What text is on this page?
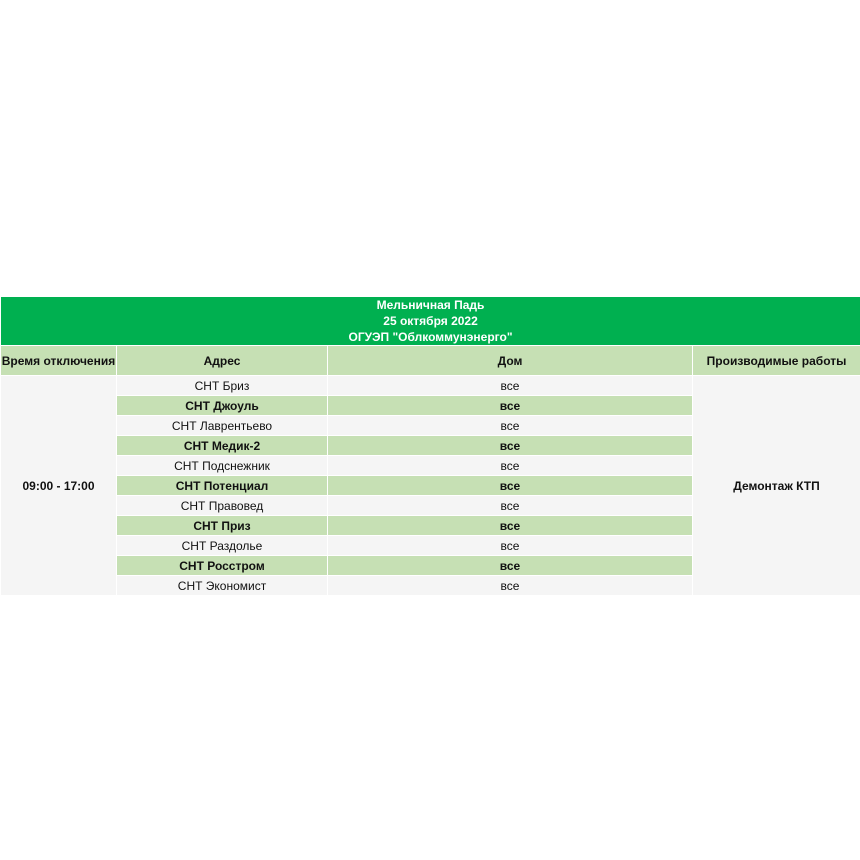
Мельничная Падь
25 октября 2022
ОГУЭП "Облкоммунэнерго"			

Время отключения	Адрес	Дом	Производимые работы
09:00 - 17:00	СНТ Бриз	все	Демонтаж КТП
	СНТ Джоуль	все	
	СНТ Лаврентьево	все	
	СНТ Медик-2	все	
	СНТ Подснежник	все	
	СНТ Потенциал	все	
	СНТ Правовед	все	
	СНТ Приз	все	
	СНТ Раздолье	все	
	СНТ Росстром	все	
	СНТ Экономист	все	
